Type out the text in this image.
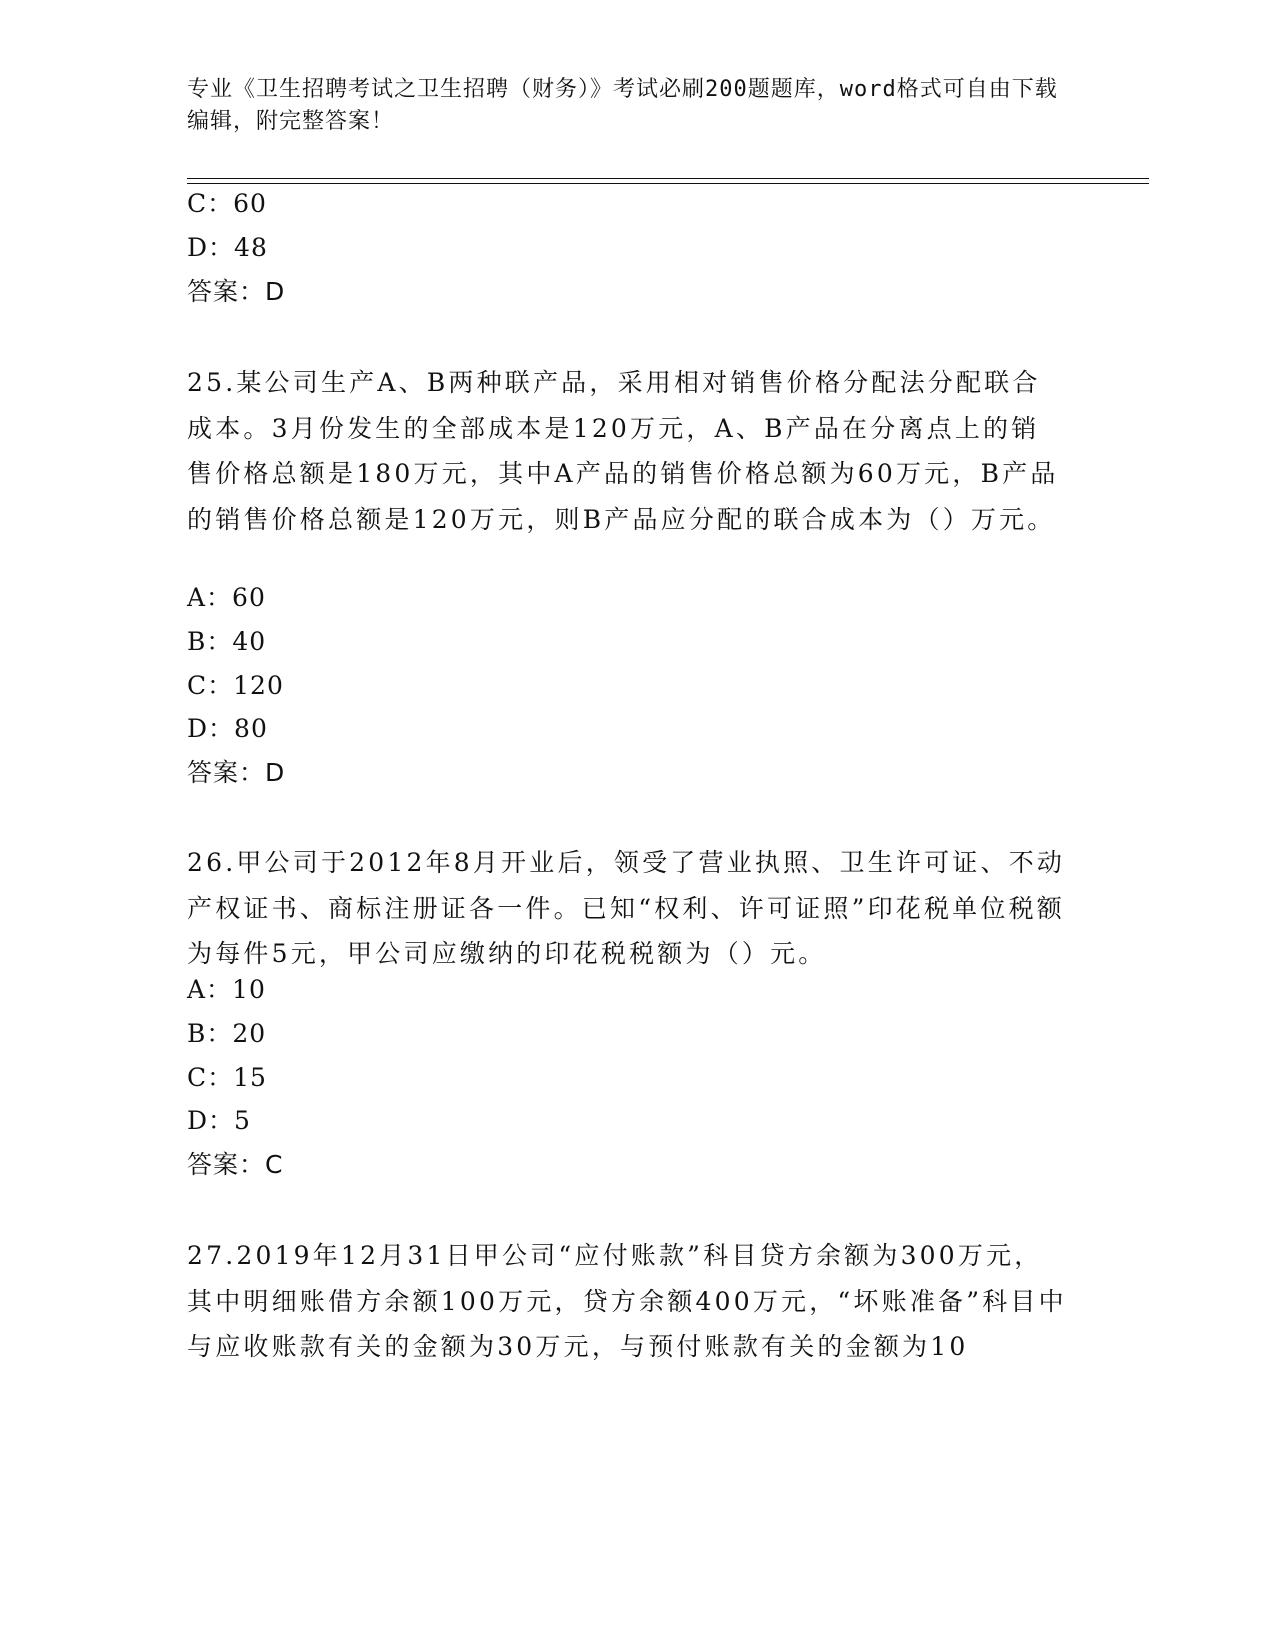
专业《卫生招聘考试之卫生招聘（财务）》考试必刷200题题库，word格式可自由下载编辑，附完整答案！
C：60
D：48
答案：D
25.某公司生产A、B两种联产品，采用相对销售价格分配法分配联合成本。3月份发生的全部成本是120万元，A、B产品在分离点上的销售价格总额是180万元，其中A产品的销售价格总额为60万元，B产品的销售价格总额是120万元，则B产品应分配的联合成本为（）万元。
A：60
B：40
C：120
D：80
答案：D
26.甲公司于2012年8月开业后，领受了营业执照、卫生许可证、不动产权证书、商标注册证各一件。已知“权利、许可证照”印花税单位税额为每件5元，甲公司应缴纳的印花税税额为（）元。
A：10
B：20
C：15
D：5
答案：C
27.2019年12月31日甲公司“应付账款”科目贷方余额为300万元，其中明细账借方余额100万元，贷方余额400万元，“坏账准备”科目中与应收账款有关的金额为30万元，与预付账款有关的金额为10
